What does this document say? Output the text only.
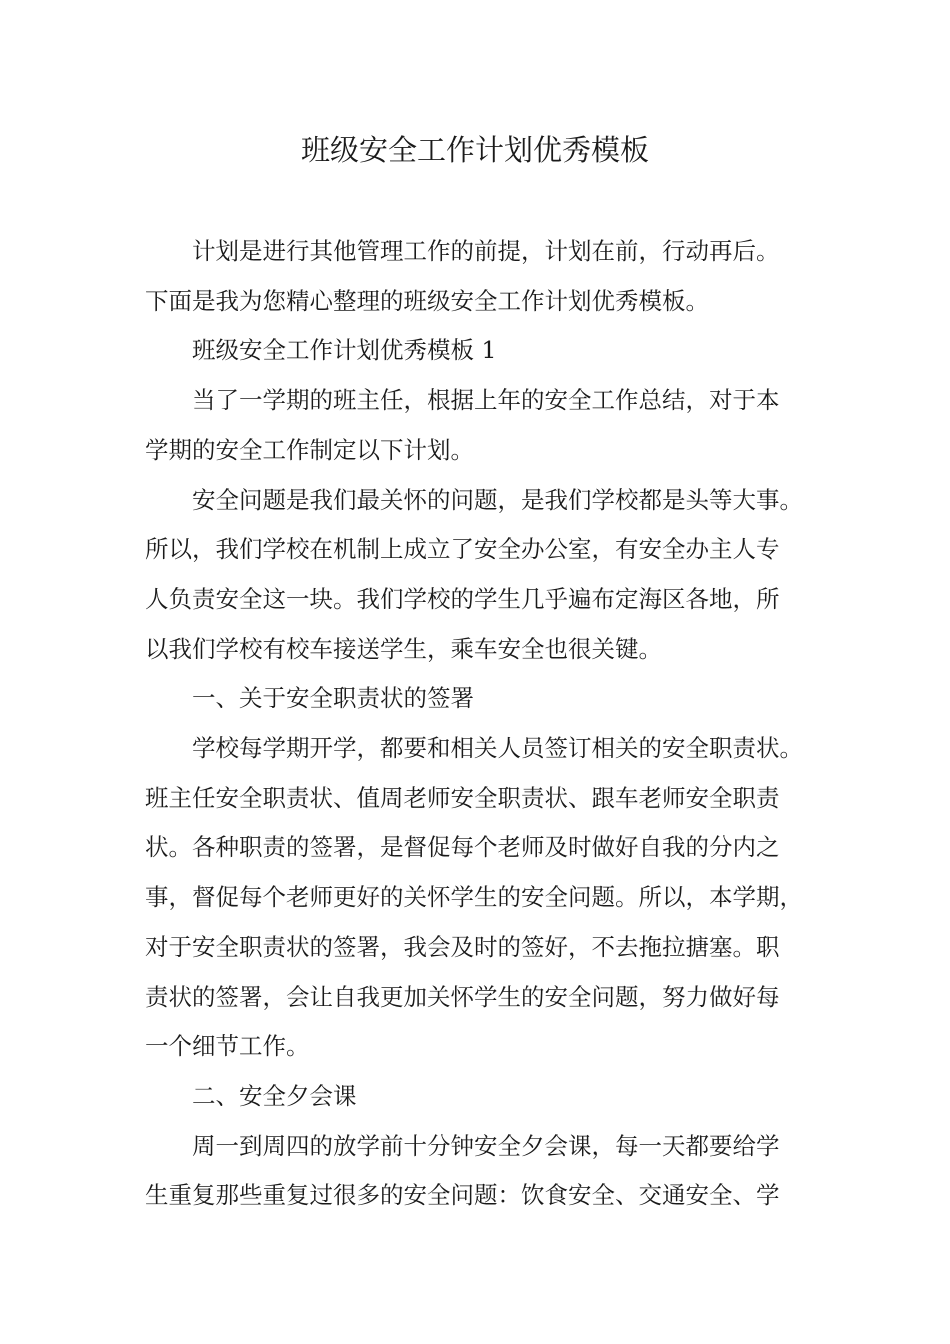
班级安全工作计划优秀模板

计划是进行其他管理工作的前提，计划在前，行动再后。
下面是我为您精心整理的班级安全工作计划优秀模板。

班级安全工作计划优秀模板 1

当了一学期的班主任，根据上年的安全工作总结，对于本
学期的安全工作制定以下计划。

安全问题是我们最关怀的问题，是我们学校都是头等大事。
所以，我们学校在机制上成立了安全办公室，有安全办主人专
人负责安全这一块。我们学校的学生几乎遍布定海区各地，所
以我们学校有校车接送学生，乘车安全也很关键。

一、关于安全职责状的签署

学校每学期开学，都要和相关人员签订相关的安全职责状。
班主任安全职责状、值周老师安全职责状、跟车老师安全职责
状。各种职责的签署，是督促每个老师及时做好自我的分内之
事，督促每个老师更好的关怀学生的安全问题。所以，本学期，
对于安全职责状的签署，我会及时的签好，不去拖拉搪塞。职
责状的签署，会让自我更加关怀学生的安全问题，努力做好每
一个细节工作。

二、安全夕会课

周一到周四的放学前十分钟安全夕会课，每一天都要给学
生重复那些重复过很多的安全问题：饮食安全、交通安全、学
